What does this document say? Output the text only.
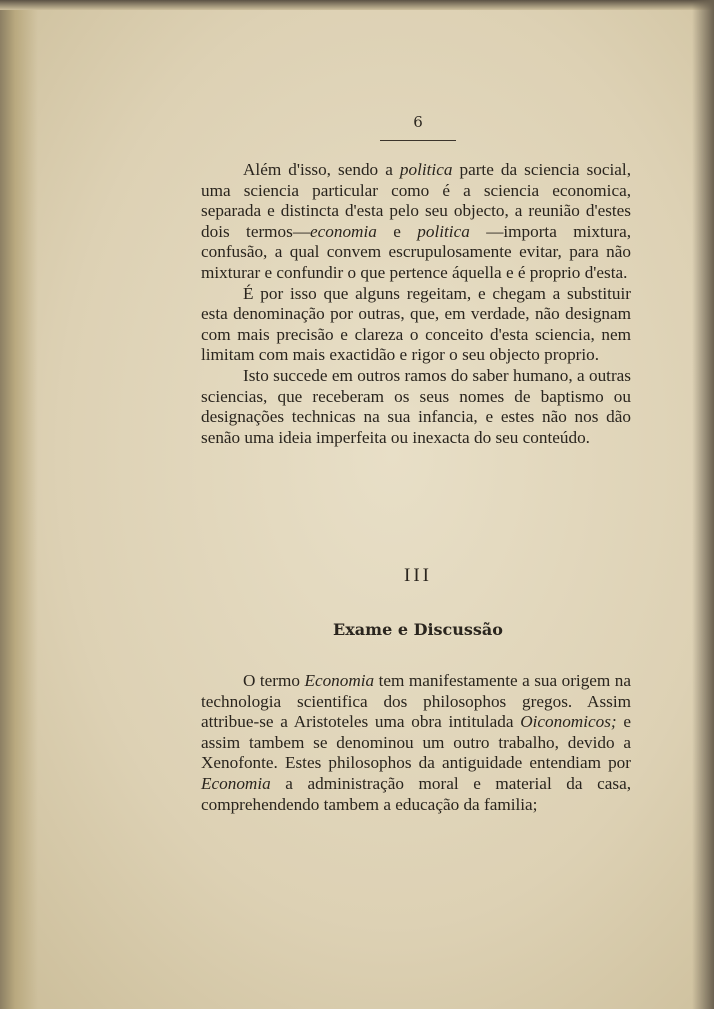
6

Além d'isso, sendo a politica parte da sciencia social, uma sciencia particular como é a sciencia economica, separada e distincta d'esta pelo seu objecto, a reunião d'estes dois termos—economia e politica —importa mixtura, confusão, a qual convem escrupulosamente evitar, para não mixturar e confundir o que pertence áquella e é proprio d'esta.

É por isso que alguns regeitam, e chegam a substituir esta denominação por outras, que, em verdade, não designam com mais precisão e clareza o conceito d'esta sciencia, nem limitam com mais exactidão e rigor o seu objecto proprio.

Isto succede em outros ramos do saber humano, a outras sciencias, que receberam os seus nomes de baptismo ou designações technicas na sua infancia, e estes não nos dão senão uma ideia imperfeita ou inexacta do seu conteúdo.

III
Exame e Discussão

O termo Economia tem manifestamente a sua origem na technologia scientifica dos philosophos gregos. Assim attribue-se a Aristoteles uma obra intitulada Oiconomicos; e assim tambem se denominou um outro trabalho, devido a Xenofonte. Estes philosophos da antiguidade entendiam por Economia a administração moral e material da casa, comprehendendo tambem a educação da familia;
